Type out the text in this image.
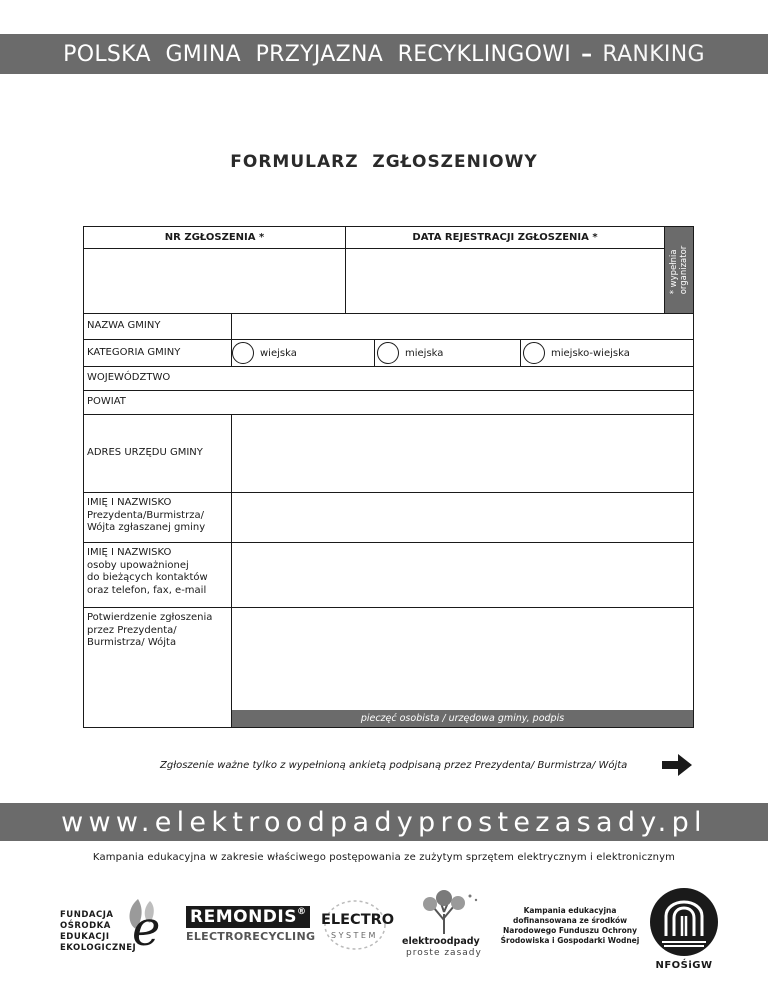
POLSKA  GMINA  PRZYJAZNA  RECYKLINGOWI – RANKING
FORMULARZ  ZGŁOSZENIOWY
NR ZGŁOSZENIA *	DATA REJESTRACJI ZGŁOSZENIA *
* wypełnia organizator
NAZWA GMINY
KATEGORIA GMINY	wiejska	miejska	miejsko-wiejska
WOJEWÓDZTWO
POWIAT
ADRES URZĘDU GMINY
IMIĘ I NAZWISKO
Prezydenta/Burmistrza/
Wójta zgłaszanej gminy
IMIĘ I NAZWISKO
osoby upoważnionej
do bieżących kontaktów
oraz telefon, fax, e-mail
Potwierdzenie zgłoszenia
przez Prezydenta/
Burmistrza/ Wójta
pieczęć osobista / urzędowa gminy, podpis
Zgłoszenie ważne tylko z wypełnioną ankietą podpisaną przez Prezydenta/ Burmistrza/ Wójta
www.elektroodpadyprostezasady.pl
Kampania edukacyjna w zakresie właściwego postępowania ze zużytym sprzętem elektrycznym i elektronicznym
FUNDACJA
OŚRODKA
EDUKACJI
EKOLOGICZNEJ
e REMONDIS®
ELECTRORECYCLING
ELECTRO
SYSTEM
elektroodpady
proste zasady
Kampania edukacyjna
dofinansowana ze środków
Narodowego Funduszu Ochrony
Środowiska i Gospodarki Wodnej
NFOŚiGW
